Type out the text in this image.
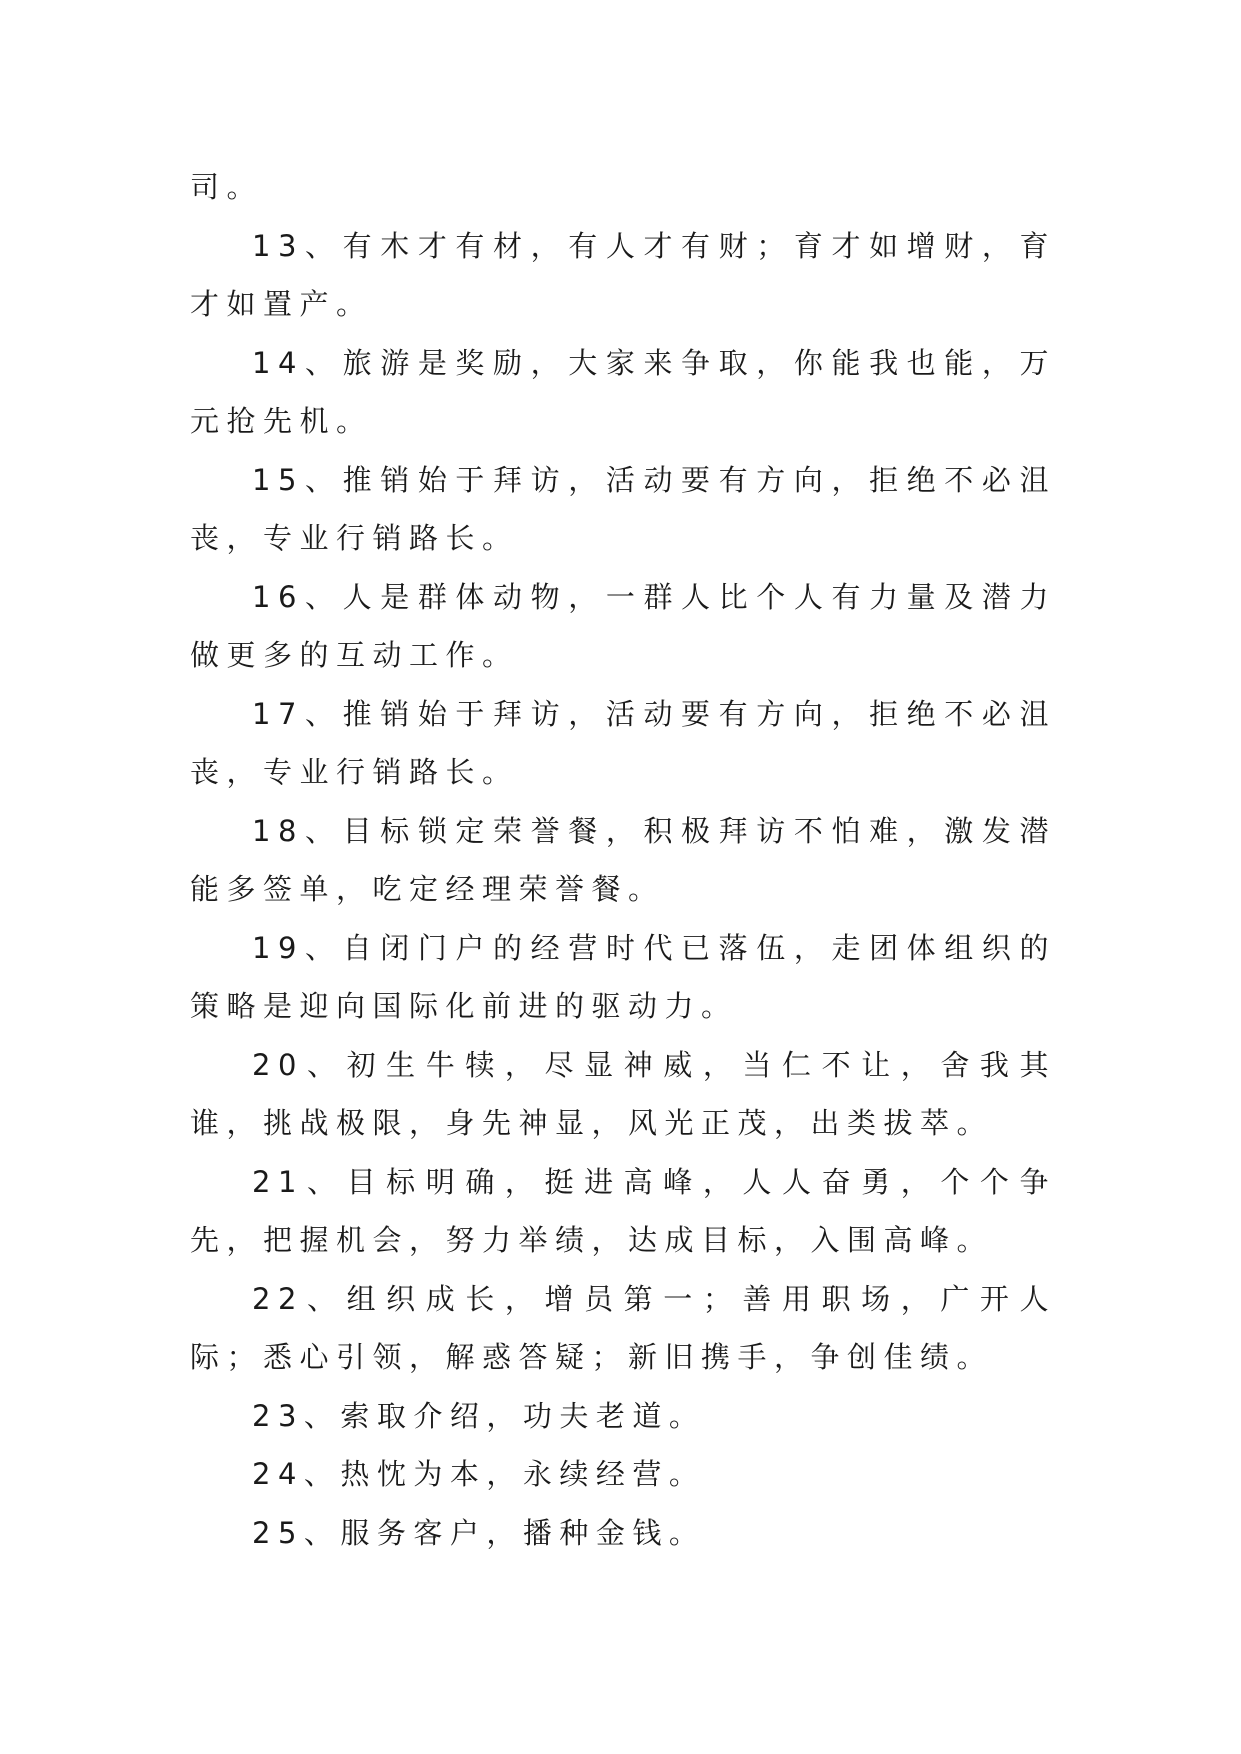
司。

13、有木才有材，有人才有财；育才如增财，育才如置产。

14、旅游是奖励，大家来争取，你能我也能，万元抢先机。

15、推销始于拜访，活动要有方向，拒绝不必沮丧，专业行销路长。

16、人是群体动物，一群人比个人有力量及潜力做更多的互动工作。

17、推销始于拜访，活动要有方向，拒绝不必沮丧，专业行销路长。

18、目标锁定荣誉餐，积极拜访不怕难，激发潜能多签单，吃定经理荣誉餐。

19、自闭门户的经营时代已落伍，走团体组织的策略是迎向国际化前进的驱动力。

20、初生牛犊，尽显神威，当仁不让，舍我其谁，挑战极限，身先神显，风光正茂，出类拔萃。

21、目标明确，挺进高峰，人人奋勇，个个争先，把握机会，努力举绩，达成目标，入围高峰。

22、组织成长，增员第一；善用职场，广开人际；悉心引领，解惑答疑；新旧携手，争创佳绩。

23、索取介绍，功夫老道。

24、热忱为本，永续经营。

25、服务客户，播种金钱。
